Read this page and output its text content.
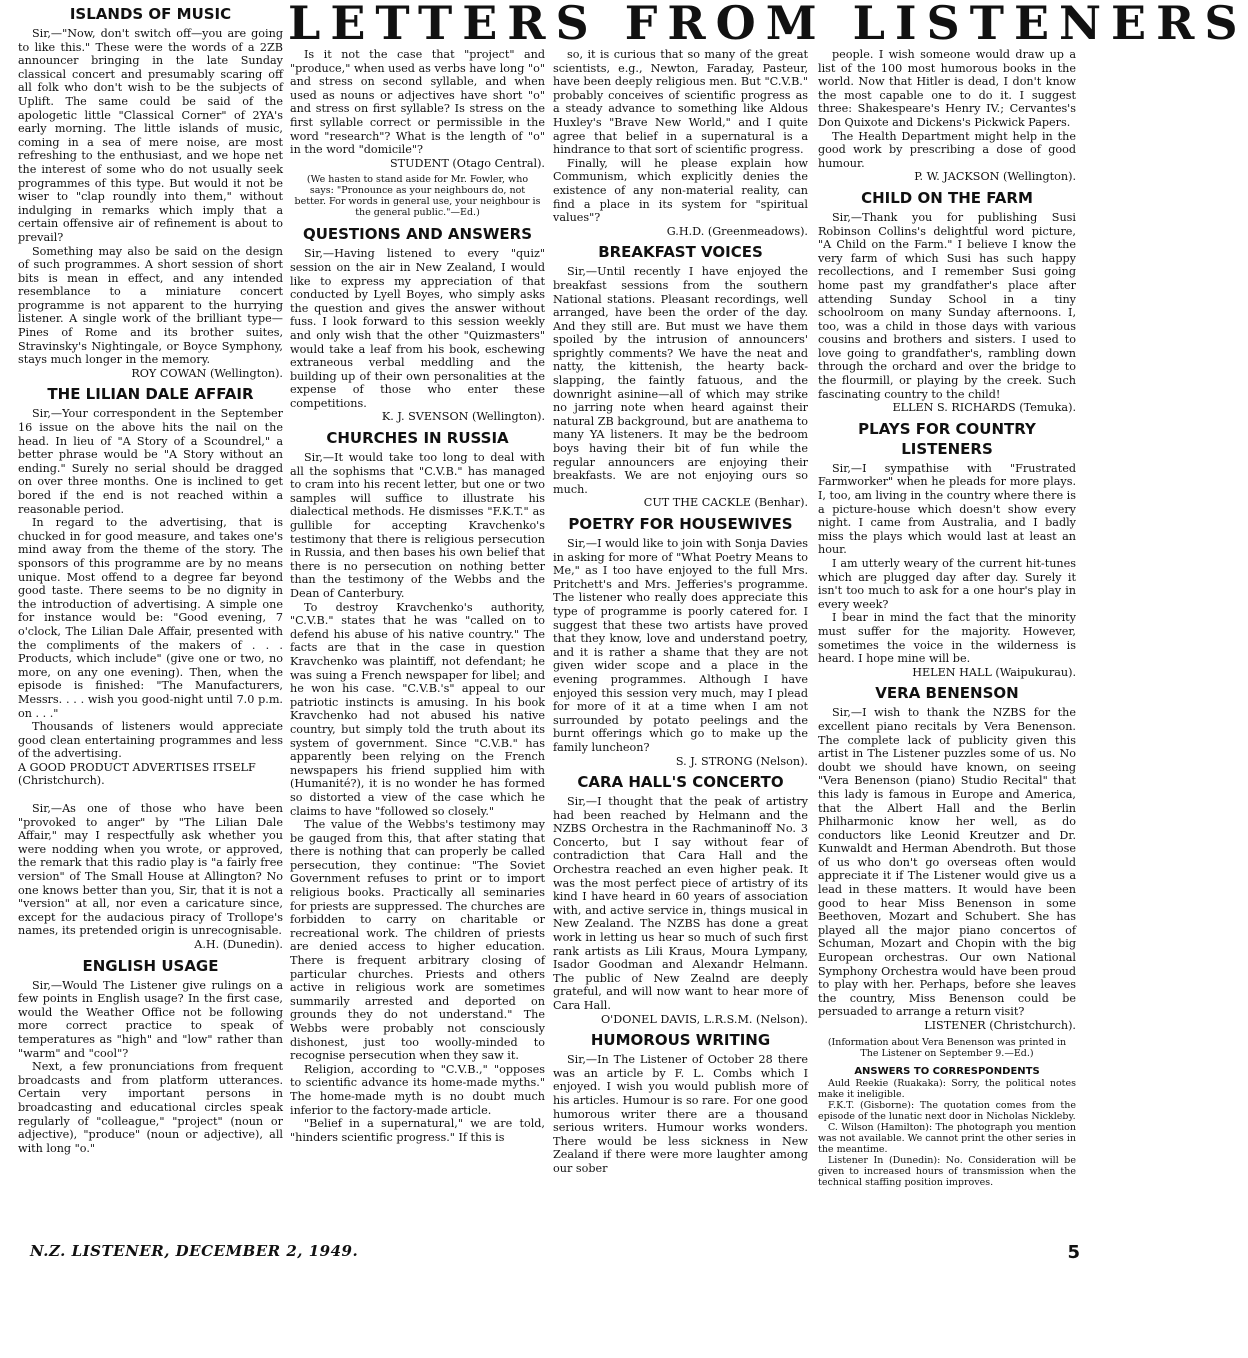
LETTERS FROM LISTENERS
ISLANDS OF MUSIC

Sir,—"Now, don't switch off—you are going to like this." These were the words of a 2ZB announcer bringing in the late Sunday classical concert and presumably scaring off all folk who don't wish to be the subjects of Uplift. The same could be said of the apologetic little "Classical Corner" of 2YA's early morning. The little islands of music, coming in a sea of mere noise, are most refreshing to the enthusiast, and we hope net the interest of some who do not usually seek programmes of this type. But would it not be wiser to "clap roundly into them," without indulging in remarks which imply that a certain offensive air of refinement is about to prevail?

Something may also be said on the design of such programmes. A short session of short bits is mean in effect, and any intended resemblance to a miniature concert programme is not apparent to the hurrying listener. A single work of the brilliant type—Pines of Rome and its brother suites, Stravinsky's Nightingale, or Boyce Symphony, stays much longer in the memory.

ROY COWAN (Wellington).

THE LILIAN DALE AFFAIR

Sir,—Your correspondent in the September 16 issue on the above hits the nail on the head. In lieu of "A Story of a Scoundrel," a better phrase would be "A Story without an ending." Surely no serial should be dragged on over three months. One is inclined to get bored if the end is not reached within a reasonable period.

In regard to the advertising, that is chucked in for good measure, and takes one's mind away from the theme of the story. The sponsors of this programme are by no means unique. Most offend to a degree far beyond good taste. There seems to be no dignity in the introduction of advertising. A simple one for instance would be: "Good evening, 7 o'clock, The Lilian Dale Affair, presented with the compliments of the makers of . . . Products, which include" (give one or two, no more, on any one evening). Then, when the episode is finished: "The Manufacturers, Messrs. . . . wish you good-night until 7.0 p.m. on . . ."

Thousands of listeners would appreciate good clean entertaining programmes and less of the advertising.

A GOOD PRODUCT ADVERTISES ITSELF (Christchurch).

Sir,—As one of those who have been "provoked to anger" by "The Lilian Dale Affair," may I respectfully ask whether you were nodding when you wrote, or approved, the remark that this radio play is "a fairly free version" of The Small House at Allington? No one knows better than you, Sir, that it is not a "version" at all, nor even a caricature since, except for the audacious piracy of Trollope's names, its pretended origin is unrecognisable.

A.H. (Dunedin).

ENGLISH USAGE

Sir,—Would The Listener give rulings on a few points in English usage? In the first case, would the Weather Office not be following more correct practice to speak of temperatures as "high" and "low" rather than "warm" and "cool"?

Next, a few pronunciations from frequent broadcasts and from platform utterances. Certain very important persons in broadcasting and educational circles speak regularly of "colleague," "project" (noun or adjective), "produce" (noun or adjective), all with long "o."

Is it not the case that "project" and "produce," when used as verbs have long "o" and stress on second syllable, and when used as nouns or adjectives have short "o" and stress on first syllable? Is stress on the first syllable correct or permissible in the word "research"? What is the length of "o" in the word "domicile"?

STUDENT (Otago Central).

(We hasten to stand aside for Mr. Fowler, who says: "Pronounce as your neighbours do, not better. For words in general use, your neighbour is the general public."—Ed.)

QUESTIONS AND ANSWERS

Sir,—Having listened to every "quiz" session on the air in New Zealand, I would like to express my appreciation of that conducted by Lyell Boyes, who simply asks the question and gives the answer without fuss. I look forward to this session weekly and only wish that the other "Quizmasters" would take a leaf from his book, eschewing extraneous verbal meddling and the building up of their own personalities at the expense of those who enter these competitions.

K. J. SVENSON (Wellington).

CHURCHES IN RUSSIA

Sir,—It would take too long to deal with all the sophisms that "C.V.B." has managed to cram into his recent letter, but one or two samples will suffice to illustrate his dialectical methods. He dismisses "F.K.T." as gullible for accepting Kravchenko's testimony that there is religious persecution in Russia, and then bases his own belief that there is no persecution on nothing better than the testimony of the Webbs and the Dean of Canterbury.

To destroy Kravchenko's authority, "C.V.B." states that he was "called on to defend his abuse of his native country." The facts are that in the case in question Kravchenko was plaintiff, not defendant; he was suing a French newspaper for libel; and he won his case. "C.V.B.'s" appeal to our patriotic instincts is amusing. In his book Kravchenko had not abused his native country, but simply told the truth about its system of government. Since "C.V.B." has apparently been relying on the French newspapers his friend supplied him with (Humanité?), it is no wonder he has formed so distorted a view of the case which he claims to have "followed so closely."

The value of the Webbs's testimony may be gauged from this, that after stating that there is nothing that can properly be called persecution, they continue: "The Soviet Government refuses to print or to import religious books. Practically all seminaries for priests are suppressed. The churches are forbidden to carry on charitable or recreational work. The children of priests are denied access to higher education. There is frequent arbitrary closing of particular churches. Priests and others active in religious work are sometimes summarily arrested and deported on grounds they do not understand." The Webbs were probably not consciously dishonest, just too woolly-minded to recognise persecution when they saw it.

Religion, according to "C.V.B.," "opposes to scientific advance its home-made myths." The home-made myth is no doubt much inferior to the factory-made article.

"Belief in a supernatural," we are told, "hinders scientific progress." If this is

so, it is curious that so many of the great scientists, e.g., Newton, Faraday, Pasteur, have been deeply religious men. But "C.V.B." probably conceives of scientific progress as a steady advance to something like Aldous Huxley's "Brave New World," and I quite agree that belief in a supernatural is a hindrance to that sort of scientific progress.

Finally, will he please explain how Communism, which explicitly denies the existence of any non-material reality, can find a place in its system for "spiritual values"?

G.H.D. (Greenmeadows).

BREAKFAST VOICES

Sir,—Until recently I have enjoyed the breakfast sessions from the southern National stations. Pleasant recordings, well arranged, have been the order of the day. And they still are. But must we have them spoiled by the intrusion of announcers' sprightly comments? We have the neat and natty, the kittenish, the hearty back-slapping, the faintly fatuous, and the downright asinine—all of which may strike no jarring note when heard against their natural ZB background, but are anathema to many YA listeners. It may be the bedroom boys having their bit of fun while the regular announcers are enjoying their breakfasts. We are not enjoying ours so much.

CUT THE CACKLE (Benhar).

POETRY FOR HOUSEWIVES

Sir,—I would like to join with Sonja Davies in asking for more of "What Poetry Means to Me," as I too have enjoyed to the full Mrs. Pritchett's and Mrs. Jefferies's programme. The listener who really does appreciate this type of programme is poorly catered for. I suggest that these two artists have proved that they know, love and understand poetry, and it is rather a shame that they are not given wider scope and a place in the evening programmes. Although I have enjoyed this session very much, may I plead for more of it at a time when I am not surrounded by potato peelings and the burnt offerings which go to make up the family luncheon?

S. J. STRONG (Nelson).

CARA HALL'S CONCERTO

Sir,—I thought that the peak of artistry had been reached by Helmann and the NZBS Orchestra in the Rachmaninoff No. 3 Concerto, but I say without fear of contradiction that Cara Hall and the Orchestra reached an even higher peak. It was the most perfect piece of artistry of its kind I have heard in 60 years of association with, and active service in, things musical in New Zealand. The NZBS has done a great work in letting us hear so much of such first rank artists as Lili Kraus, Moura Lympany, Isador Goodman and Alexandr Helmann. The public of New Zealnd are deeply grateful, and will now want to hear more of Cara Hall.

O'DONEL DAVIS, L.R.S.M. (Nelson).

HUMOROUS WRITING

Sir,—In The Listener of October 28 there was an article by F. L. Combs which I enjoyed. I wish you would publish more of his articles. Humour is so rare. For one good humorous writer there are a thousand serious writers. Humour works wonders. There would be less sickness in New Zealand if there were more laughter among our sober

people. I wish someone would draw up a list of the 100 most humorous books in the world. Now that Hitler is dead, I don't know the most capable one to do it. I suggest three: Shakespeare's Henry IV.; Cervantes's Don Quixote and Dickens's Pickwick Papers.

The Health Department might help in the good work by prescribing a dose of good humour.

P. W. JACKSON (Wellington).

CHILD ON THE FARM

Sir,—Thank you for publishing Susi Robinson Collins's delightful word picture, "A Child on the Farm." I believe I know the very farm of which Susi has such happy recollections, and I remember Susi going home past my grandfather's place after attending Sunday School in a tiny schoolroom on many Sunday afternoons. I, too, was a child in those days with various cousins and brothers and sisters. I used to love going to grandfather's, rambling down through the orchard and over the bridge to the flourmill, or playing by the creek. Such fascinating country to the child!

ELLEN S. RICHARDS (Temuka).

PLAYS FOR COUNTRY LISTENERS

Sir,—I sympathise with "Frustrated Farmworker" when he pleads for more plays. I, too, am living in the country where there is a picture-house which doesn't show every night. I came from Australia, and I badly miss the plays which would last at least an hour.

I am utterly weary of the current hit-tunes which are plugged day after day. Surely it isn't too much to ask for a one hour's play in every week?

I bear in mind the fact that the minority must suffer for the majority. However, sometimes the voice in the wilderness is heard. I hope mine will be.

HELEN HALL (Waipukurau).

VERA BENENSON

Sir,—I wish to thank the NZBS for the excellent piano recitals by Vera Benenson. The complete lack of publicity given this artist in The Listener puzzles some of us. No doubt we should have known, on seeing "Vera Benenson (piano) Studio Recital" that this lady is famous in Europe and America, that the Albert Hall and the Berlin Philharmonic know her well, as do conductors like Leonid Kreutzer and Dr. Kunwaldt and Herman Abendroth. But those of us who don't go overseas often would appreciate it if The Listener would give us a lead in these matters. It would have been good to hear Miss Benenson in some Beethoven, Mozart and Schubert. She has played all the major piano concertos of Schuman, Mozart and Chopin with the big European orchestras. Our own National Symphony Orchestra would have been proud to play with her. Perhaps, before she leaves the country, Miss Benenson could be persuaded to arrange a return visit?

LISTENER (Christchurch).

(Information about Vera Benenson was printed in The Listener on September 9.—Ed.)

ANSWERS TO CORRESPONDENTS

Auld Reekie (Ruakaka): Sorry, the political notes make it ineligible.

F.K.T. (Gisborne): The quotation comes from the episode of the lunatic next door in Nicholas Nickleby.

C. Wilson (Hamilton): The photograph you mention was not available. We cannot print the other series in the meantime.

Listener In (Dunedin): No. Consideration will be given to increased hours of transmission when the technical staffing position improves.

N.Z. LISTENER, DECEMBER 2, 1949.	5
